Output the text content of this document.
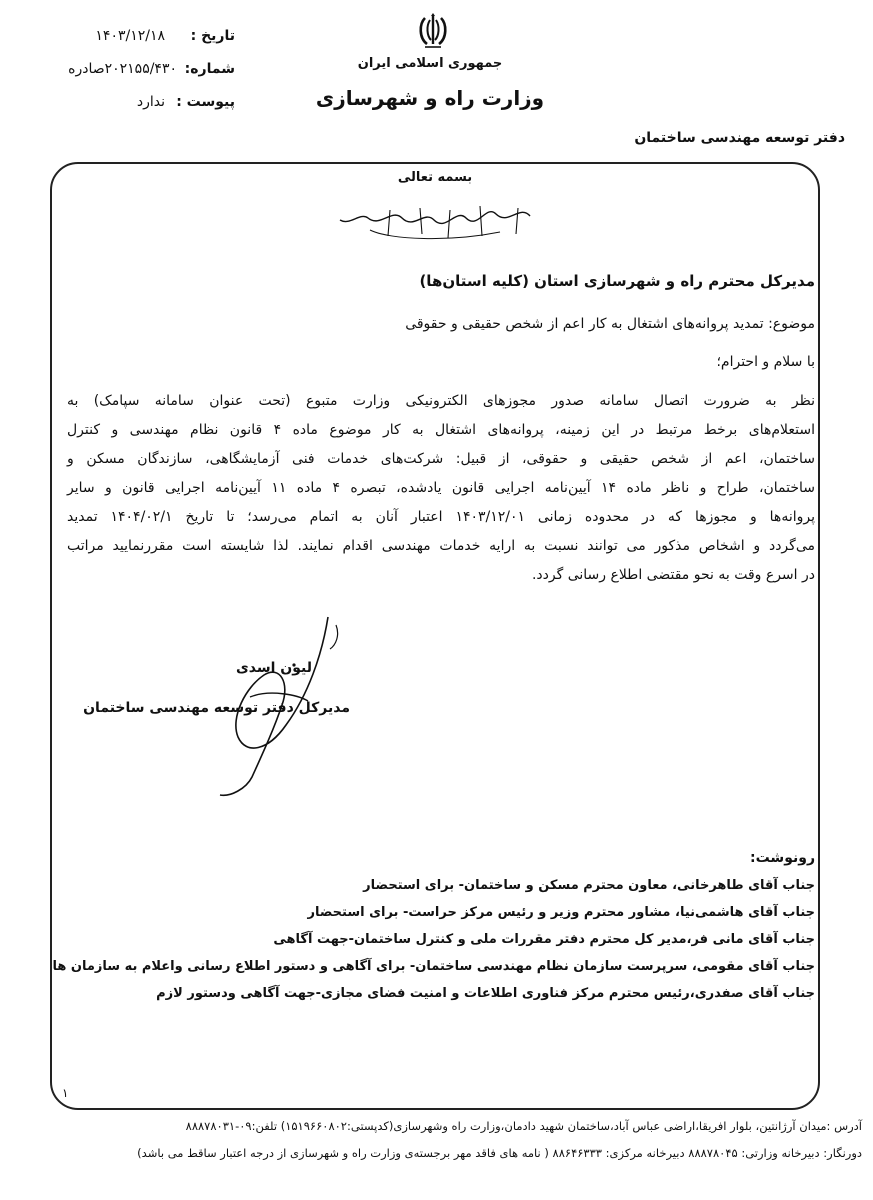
تاریخ :
۱۴۰۳/۱۲/۱۸
شماره:
۲۰۲۱۵۵/۴۳۰صادره
پیوست :
ندارد
جمهوری اسلامی ایران
وزارت راه و شهرسازی
دفتر توسعه مهندسی ساختمان
بسمه تعالی
مدیرکل محترم راه و شهرسازی استان (کلیه استان‌ها)
موضوع: تمدید پروانه‌های اشتغال به کار اعم از شخص حقیقی و حقوقی
با سلام و احترام؛
نظر به ضرورت اتصال سامانه صدور مجوزهای الکترونیکی وزارت متبوع (تحت عنوان سامانه سپامک) به
استعلام‌های برخط مرتبط در این زمینه، پروانه‌های اشتغال به کار موضوع ماده ۴ قانون نظام مهندسی و کنترل
ساختمان، اعم از شخص حقیقی و حقوقی، از قبیل: شرکت‌های خدمات فنی آزمایشگاهی، سازندگان مسکن و
ساختمان، طراح و ناظر ماده ۱۴ آیین‌نامه اجرایی قانون یادشده، تبصره ۴ ماده ۱۱ آیین‌نامه اجرایی قانون و سایر
پروانه‌ها و مجوزها که در محدوده زمانی ۱۴۰۳/۱۲/۰۱ اعتبار آنان به اتمام می‌رسد؛ تا تاریخ ۱۴۰۴/۰۲/۱ تمدید
می‌گردد و اشخاص مذکور می توانند نسبت به ارایه خدمات مهندسی اقدام نمایند. لذا شایسته است مقررنمایید مراتب
در اسرع وقت به نحو مقتضی اطلاع رسانی گردد.
لیون اسدی
مدیرکل دفتر توسعه مهندسی ساختمان
رونوشت:
جناب آقای طاهرخانی، معاون محترم مسکن و ساختمان- برای استحضار
جناب آقای هاشمی‌نیا، مشاور محترم وزیر و رئیس مرکز حراست- برای استحضار
جناب آقای مانی فر،مدیر کل محترم دفتر مقررات ملی و کنترل ساختمان-جهت آگاهی
جناب آقای مقومی، سرپرست سازمان نظام مهندسی ساختمان- برای آگاهی و دستور اطلاع رسانی واعلام به سازمان ها
جناب آقای صفدری،رئیس محترم مرکز فناوری اطلاعات و امنیت فضای مجازی-جهت آگاهی ودستور لازم
۱
آدرس :میدان آرژانتین، بلوار افریقا،اراضی عباس آباد،ساختمان شهید دادمان،وزارت راه وشهرسازی(کدپستی:۱۵۱۹۶۶۰۸۰۲) تلفن:۰۹-۸۸۸۷۸۰۳۱
دورنگار: دبیرخانه وزارتی: ۸۸۸۷۸۰۴۵ دبیرخانه مرکزی: ۸۸۶۴۶۳۳۳ ( نامه های فاقد مهر برجسته‌ی وزارت راه و شهرسازی از درجه اعتبار ساقط می باشد)
